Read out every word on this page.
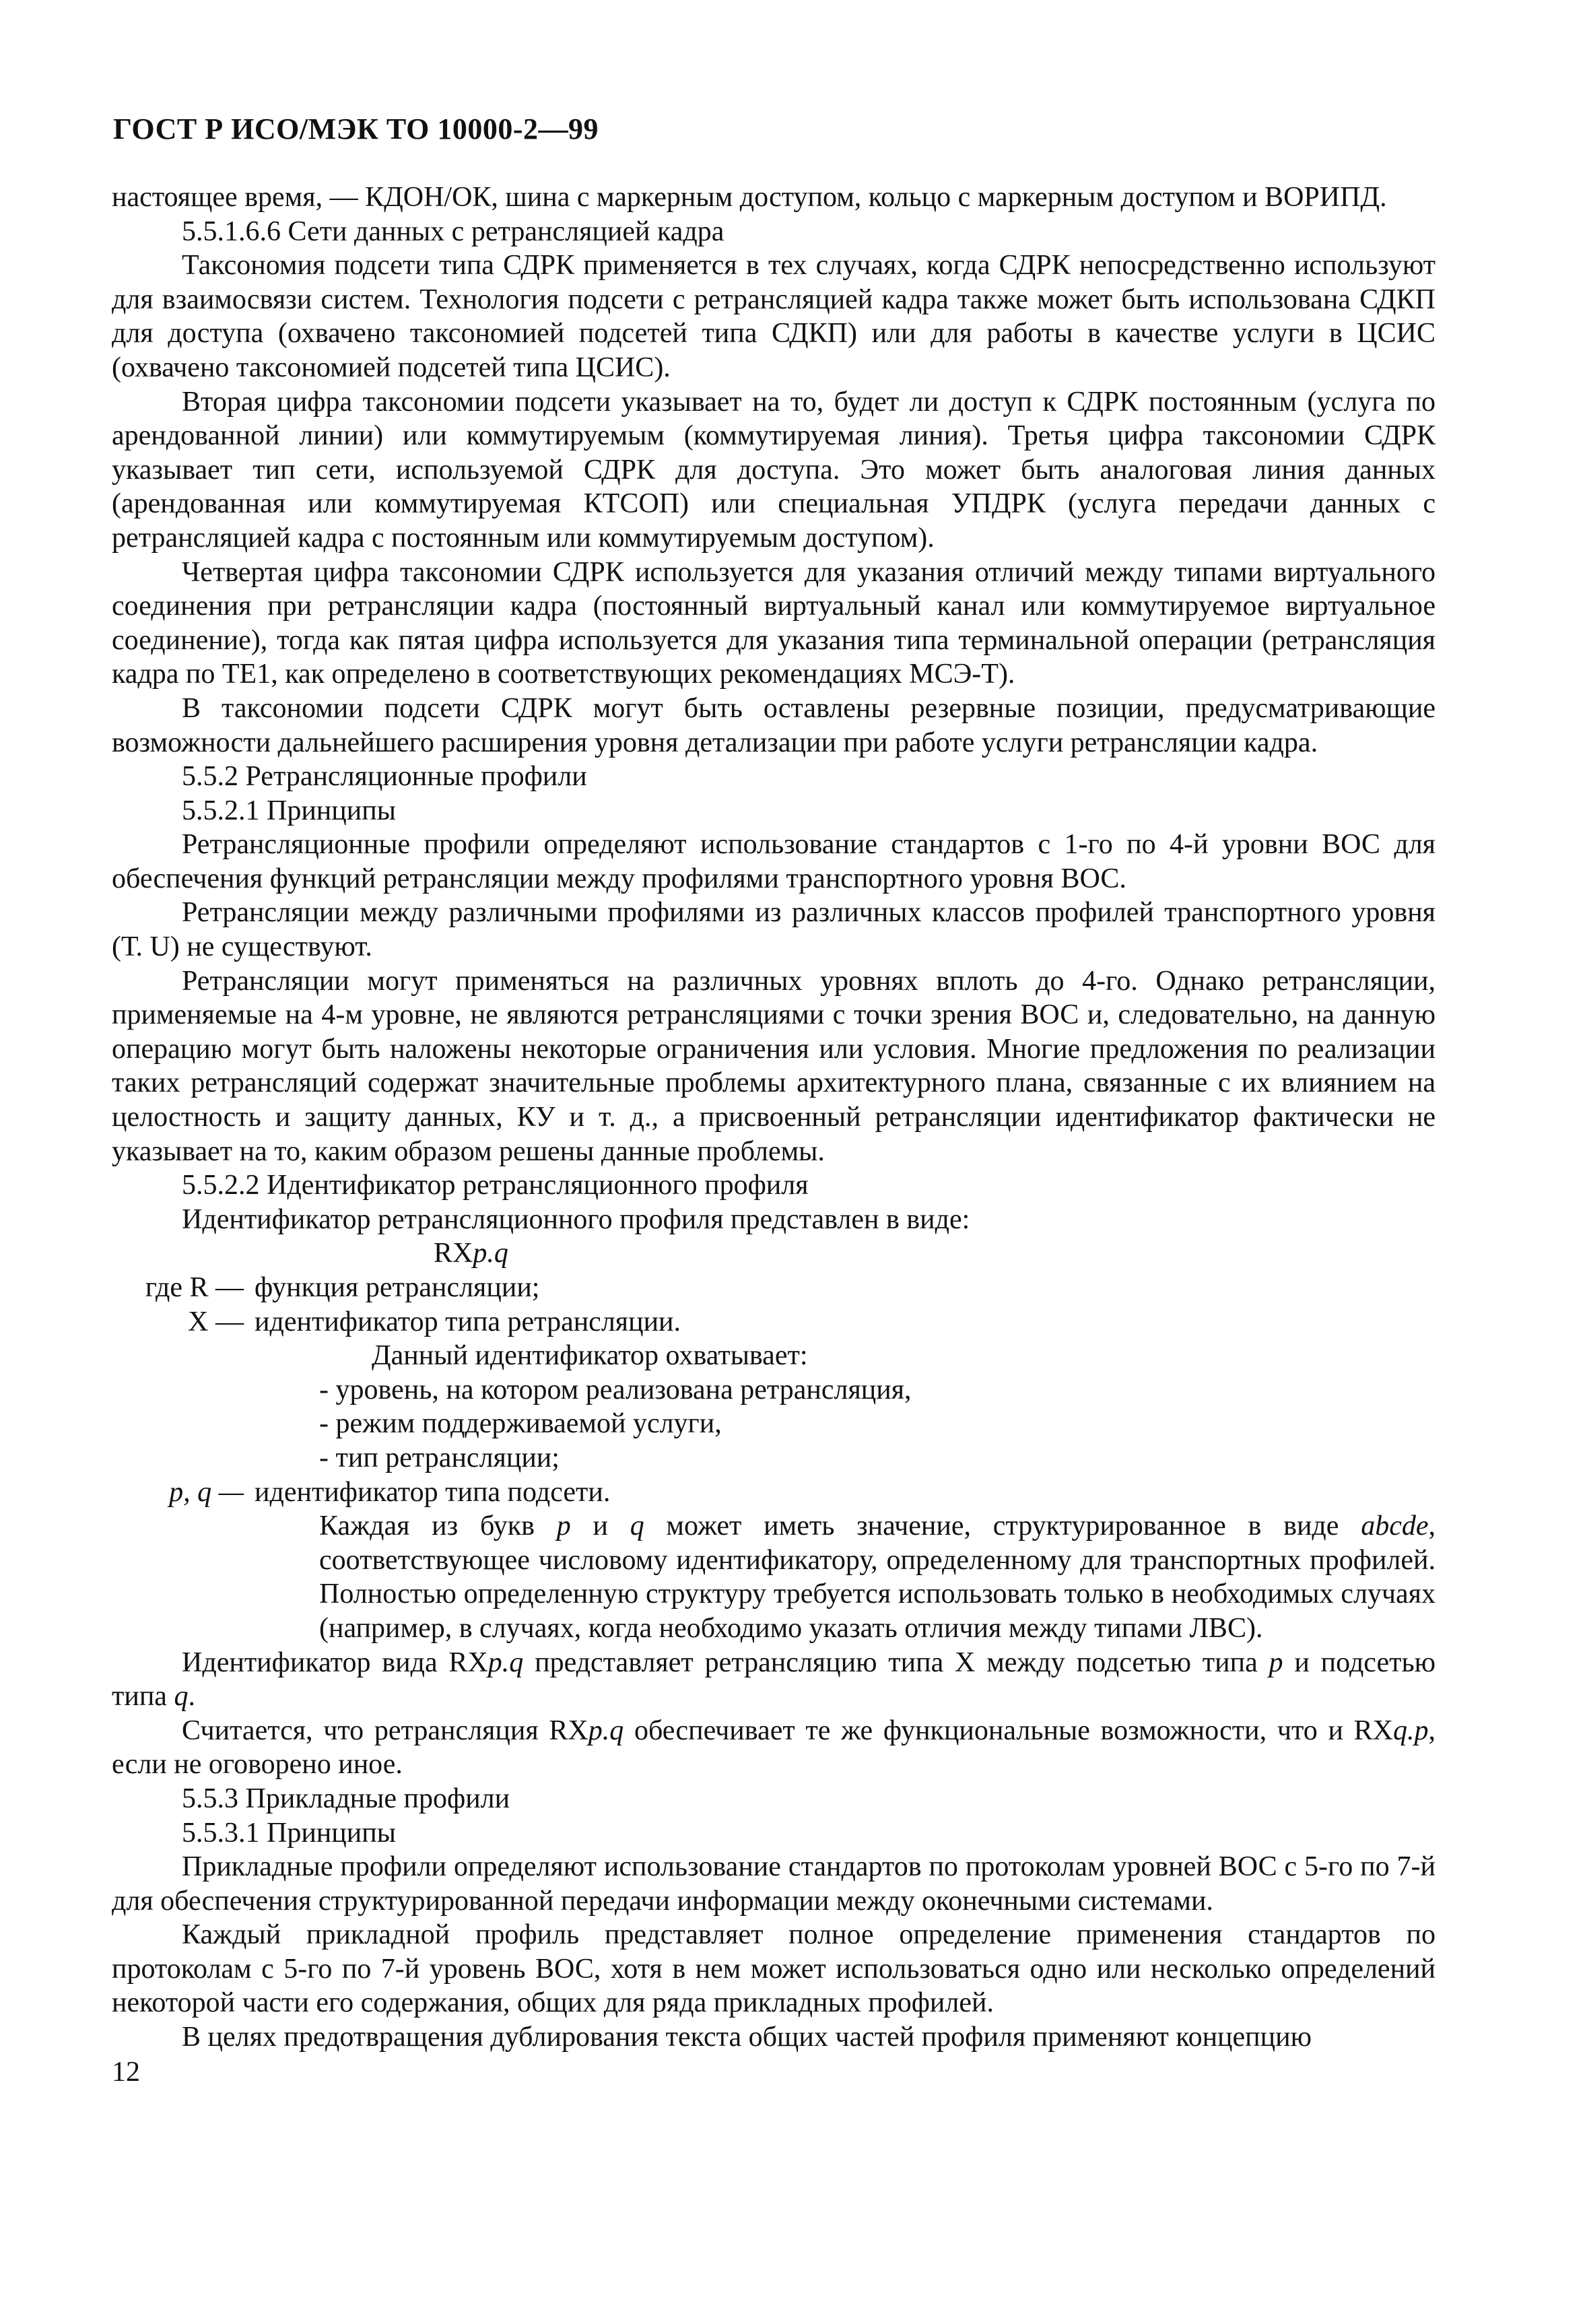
ГОСТ Р ИСО/МЭК ТО 10000-2—99

настоящее время, — КДОН/ОК, шина с маркерным доступом, кольцо с маркерным доступом и ВОРИПД.

5.5.1.6.6 Сети данных с ретрансляцией кадра

Таксономия подсети типа СДРК применяется в тех случаях, когда СДРК непосредственно используют для взаимосвязи систем. Технология подсети с ретрансляцией кадра также может быть использована СДКП для доступа (охвачено таксономией подсетей типа СДКП) или для работы в качестве услуги в ЦСИС (охвачено таксономией подсетей типа ЦСИС).

Вторая цифра таксономии подсети указывает на то, будет ли доступ к СДРК постоянным (услуга по арендованной линии) или коммутируемым (коммутируемая линия). Третья цифра таксономии СДРК указывает тип сети, используемой СДРК для доступа. Это может быть аналоговая линия данных (арендованная или коммутируемая КТСОП) или специальная УПДРК (услуга передачи данных с ретрансляцией кадра с постоянным или коммутируемым доступом).

Четвертая цифра таксономии СДРК используется для указания отличий между типами виртуального соединения при ретрансляции кадра (постоянный виртуальный канал или коммутируемое виртуальное соединение), тогда как пятая цифра используется для указания типа терминальной операции (ретрансляция кадра по ТЕ1, как определено в соответствующих рекомендациях МСЭ-Т).

В таксономии подсети СДРК могут быть оставлены резервные позиции, предусматривающие возможности дальнейшего расширения уровня детализации при работе услуги ретрансляции кадра.

5.5.2 Ретрансляционные профили

5.5.2.1 Принципы

Ретрансляционные профили определяют использование стандартов с 1-го по 4-й уровни ВОС для обеспечения функций ретрансляции между профилями транспортного уровня ВОС.

Ретрансляции между различными профилями из различных классов профилей транспортного уровня (Т. U) не существуют.

Ретрансляции могут применяться на различных уровнях вплоть до 4-го. Однако ретрансляции, применяемые на 4-м уровне, не являются ретрансляциями с точки зрения ВОС и, следовательно, на данную операцию могут быть наложены некоторые ограничения или условия. Многие предложения по реализации таких ретрансляций содержат значительные проблемы архитектурного плана, связанные с их влиянием на целостность и защиту данных, КУ и т. д., а присвоенный ретрансляции идентификатор фактически не указывает на то, каким образом решены данные проблемы.

5.5.2.2 Идентификатор ретрансляционного профиля

Идентификатор ретрансляционного профиля представлен в виде:

RXp.q

где R — функция ретрансляции;
X — идентификатор типа ретрансляции.

Данный идентификатор охватывает:

- уровень, на котором реализована ретрансляция,

- режим поддерживаемой услуги,

- тип ретрансляции;

p, q — идентификатор типа подсети.

Каждая из букв p и q может иметь значение, структурированное в виде abcde, соответствующее числовому идентификатору, определенному для транспортных профилей. Полностью определенную структуру требуется использовать только в необходимых случаях (например, в случаях, когда необходимо указать отличия между типами ЛВС).

Идентификатор вида RXp.q представляет ретрансляцию типа X между подсетью типа p и подсетью типа q.

Считается, что ретрансляция RXp.q обеспечивает те же функциональные возможности, что и RXq.p, если не оговорено иное.

5.5.3 Прикладные профили

5.5.3.1 Принципы

Прикладные профили определяют использование стандартов по протоколам уровней ВОС с 5-го по 7-й для обеспечения структурированной передачи информации между оконечными системами.

Каждый прикладной профиль представляет полное определение применения стандартов по протоколам с 5-го по 7-й уровень ВОС, хотя в нем может использоваться одно или несколько определений некоторой части его содержания, общих для ряда прикладных профилей.

В целях предотвращения дублирования текста общих частей профиля применяют концепцию

12
